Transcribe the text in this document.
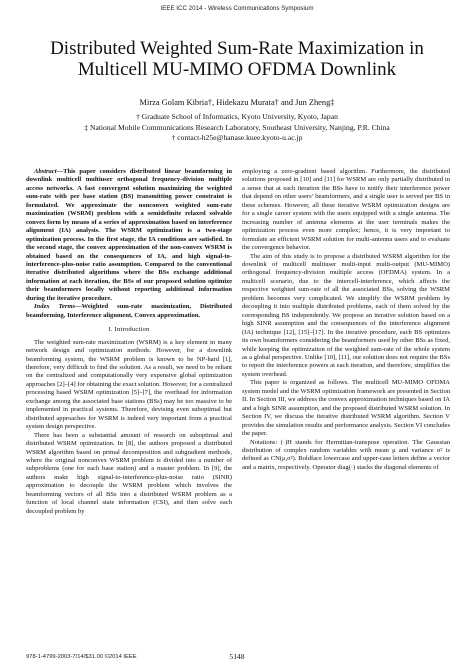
IEEE ICC 2014 - Wireless Communications Symposium
Distributed Weighted Sum-Rate Maximization in
Multicell MU-MIMO OFDMA Downlink
Mirza Golam Kibria†, Hidekazu Murata† and Jun Zheng‡
† Graduate School of Informatics, Kyoto University, Kyoto, Japan
‡ National Mobile Communications Research Laboratory, Southeast University, Nanjing, P.R. China
† contact-h25e@hanase.kuee.kyoto-u.ac.jp

Abstract—This paper considers distributed linear beamforming in downlink multicell multiuser orthogonal frequency-division multiple access networks. A fast convergent solution maximizing the weighted sum-rate with per base station (BS) transmitting power constraint is formulated. We approximate the nonconvex weighted sum-rate maximization (WSRM) problem with a semidefinite relaxed solvable convex form by means of a series of approximation based on interference alignment (IA) analysis. The WSRM optimization is a two-stage optimization process. In the first stage, the IA conditions are satisfied. In the second stage, the convex approximation of the non-convex WSRM is obtained based on the consequences of IA, and high signal-to-interference-plus-noise ratio assumption. Compared to the conventional iterative distributed algorithms where the BSs exchange additional information at each iteration, the BSs of our proposed solution optimize their beamformers locally without reporting additional information during the iterative procedure.

Index Terms—Weighted sum-rate maximization, Distributed beamforming, Interference alignment, Convex approximation.

I. Introduction

The weighted sum-rate maximization (WSRM) is a key element in many network design and optimization methods. However, for a downlink beamforming system, the WSRM problem is known to be NP-hard [1], therefore, very difficult to find the solution. As a result, we need to be reliant on the centralized and computationally very expensive global optimization approaches [2]–[4] for obtaining the exact solution. However, for a centralized processing based WSRM optimization [5]–[7], the overhead for information exchange among the associated base stations (BSs) may be too massive to be implemented in practical systems. Therefore, devising even suboptimal but distributed approaches for WSRM is indeed very important from a practical system design perspective.

There has been a substantial amount of research on suboptimal and distributed WSRM optimization. In [8], the authors proposed a distributed WSRM algorithm based on primal decomposition and subgradient methods, where the original nonconvex WSRM problem is divided into a number of subproblems (one for each base station) and a master problem. In [9], the authors make high signal-to-interference-plus-noise ratio (SINR) approximation to decouple the WSRM problem which involves the beamforming vectors of all BSs into a distributed WSRM problem as a function of local channel state information (CSI), and then solve each decoupled problem by

employing a zero-gradient based algorithm. Furthermore, the distributed solutions proposed in [10] and [11] for WSRM are only partially distributed in a sense that at each iteration the BSs have to notify their interference power that depend on other users’ beamformers, and a single user is served per BS in these schemes. However, all these iterative WSRM optimization designs are for a single career system with the users equipped with a single antenna. The increasing number of antenna elements at the user terminals makes the optimization process even more complex; hence, it is very important to formulate an efficient WSRM solution for multi-antenna users and to evaluate the convergence behavior.

The aim of this study is to propose a distributed WSRM algorithm for the downlink of multicell multiuser multi-input multi-output (MU-MIMO) orthogonal frequency-division multiple access (OFDMA) system. In a multicell scenario, due to the intercell-interference, which affects the respective weighted sum-rate of all the associated BSs, solving the WSRM problem becomes very complicated. We simplify the WSRM problem by decoupling it into multiple distributed problems, each of them solved by the corresponding BS independently. We propose an iterative solution based on a high SINR assumption and the consequences of the interference alignment (IA) technique [12], [15]–[17]. In the iterative procedure, each BS optimizes its own beamformers considering the beamformers used by other BSs as fixed, while keeping the optimization of the weighted sum-rate of the whole system as a global perspective. Unlike [10], [11], our solution does not require the BSs to report the interference powers at each iteration, and therefore, simplifies the system overhead.

This paper is organized as follows. The multicell MU-MIMO OFDMA system model and the WSRM optimization framework are presented in Section II. In Section III, we address the convex approximation techniques based on IA and a high SINR assumption, and the proposed distributed WSRM solution. In Section IV, we discuss the iterative distributed WSRM algorithm. Section V provides the simulation results and performance analysis. Section VI concludes the paper.

Notations: (·)H stands for Hermitian-transpose operation. The Gaussian distribution of complex random variables with mean μ and variance σ² is defined as CN(μ,σ²). Boldface lowercase and upper-case letters define a vector and a matrix, respectively. Operator diag(·) stacks the diagonal elements of

978-1-4799-2003-7/14/$31.00 ©2014 IEEE	5148
